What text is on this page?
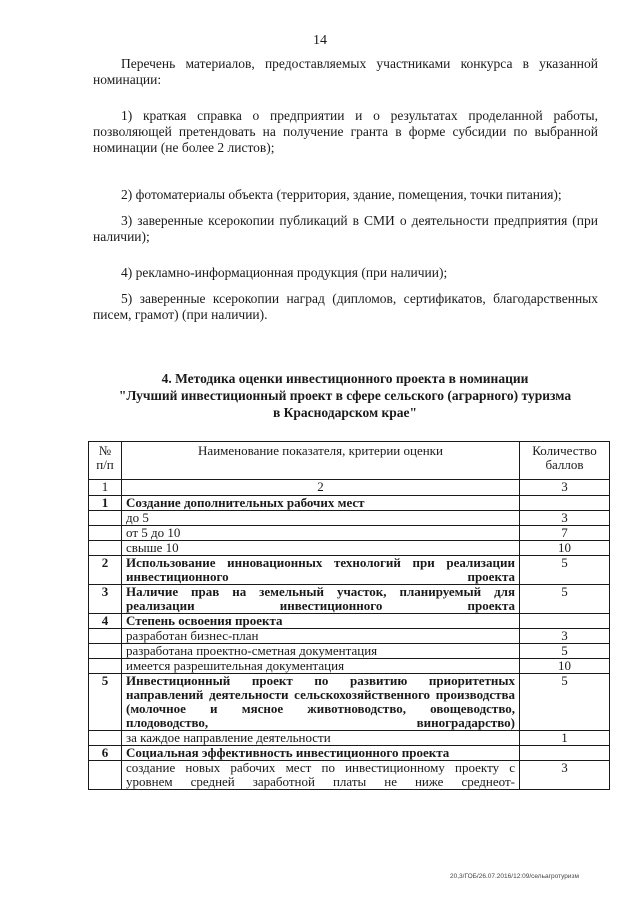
14

Перечень материалов, предоставляемых участниками конкурса в указанной номинации:

1) краткая справка о предприятии и о результатах проделанной работы, позволяющей претендовать на получение гранта в форме субсидии по выбранной номинации (не более 2 листов);

2) фотоматериалы объекта (территория, здание, помещения, точки питания);

3) заверенные ксерокопии публикаций в СМИ о деятельности предприятия (при наличии);

4) рекламно-информационная продукция (при наличии);

5) заверенные ксерокопии наград (дипломов, сертификатов, благодарственных писем, грамот) (при наличии).

4. Методика оценки инвестиционного проекта в номинации
"Лучший инвестиционный проект в сфере сельского (аграрного) туризма
в Краснодарском крае"
№ п/п	Наименование показателя, критерии оценки	Количество баллов
1	2	3
1	Создание дополнительных рабочих мест	
	до 5	3
	от 5 до 10	7
	свыше 10	10
2	Использование инновационных технологий при реализации инвестиционного проекта	5
3	Наличие прав на земельный участок, планируемый для реализации инвестиционного проекта	5
4	Степень освоения проекта	
	разработан бизнес-план	3
	разработана проектно-сметная документация	5
	имеется разрешительная документация	10
5	Инвестиционный проект по развитию приоритетных направлений деятельности сельскохозяйственного производства (молочное и мясное животноводство, овощеводство, плодоводство, виноградарство)	5
	за каждое направление деятельности	1
6	Социальная эффективность инвестиционного проекта	
	создание новых рабочих мест по инвестиционному проекту с уровнем средней заработной платы не ниже среднеот-	3
20,3/ГОБ/26.07.2016/12:09/сельагротуризм
